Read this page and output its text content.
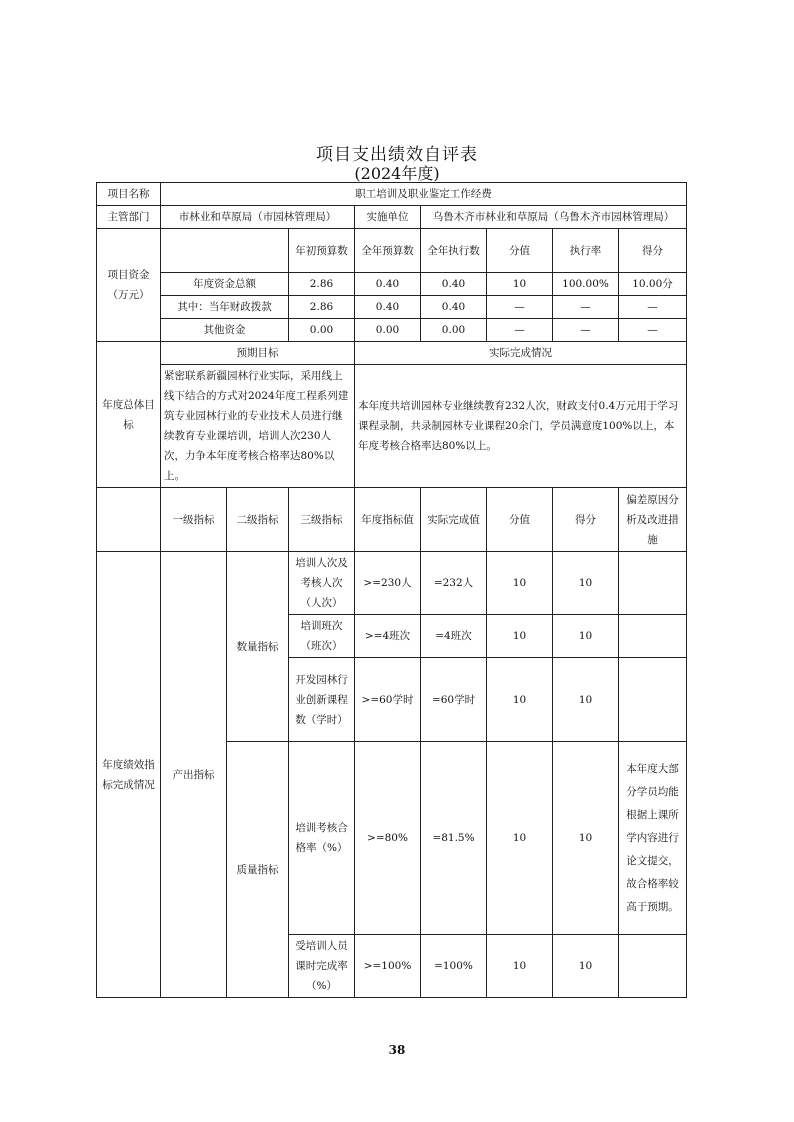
项目支出绩效自评表
(2024年度)
项目名称	职工培训及职业鉴定工作经费							
主管部门	市林业和草原局（市园林管理局）			实施单位	乌鲁木齐市林业和草原局（乌鲁木齐市园林管理局）			
项目资金（万元）			年初预算数	全年预算数	全年执行数	分值	执行率	得分
	年度资金总额		2.86	0.40	0.40	10	100.00%	10.00分
	其中：当年财政拨款		2.86	0.40	0.40	—	—	—
	其他资金		0.00	0.00	0.00	—	—	—
年度总体目标	预期目标			实际完成情况				
	紧密联系新疆园林行业实际，采用线上线下结合的方式对2024年度工程系列建筑专业园林行业的专业技术人员进行继续教育专业课培训，培训人次230人次，力争本年度考核合格率达80%以上。			本年度共培训园林专业继续教育232人次，财政支付0.4万元用于学习课程录制，共录制园林专业课程20余门，学员满意度100%以上，本年度考核合格率达80%以上。				
	一级指标	二级指标	三级指标	年度指标值	实际完成值	分值	得分	偏差原因分析及改进措施
年度绩效指标完成情况	产出指标	数量指标	培训人次及考核人次（人次）	>=230人	=232人	10	10	
			培训班次（班次）	>=4班次	=4班次	10	10	
			开发园林行业创新课程数（学时）	>=60学时	=60学时	10	10	
		质量指标	培训考核合格率（%）	>=80%	=81.5%	10	10	本年度大部分学员均能根据上课所学内容进行论文提交，故合格率较高于预期。
			受培训人员课时完成率（%）	>=100%	=100%	10	10	
38
